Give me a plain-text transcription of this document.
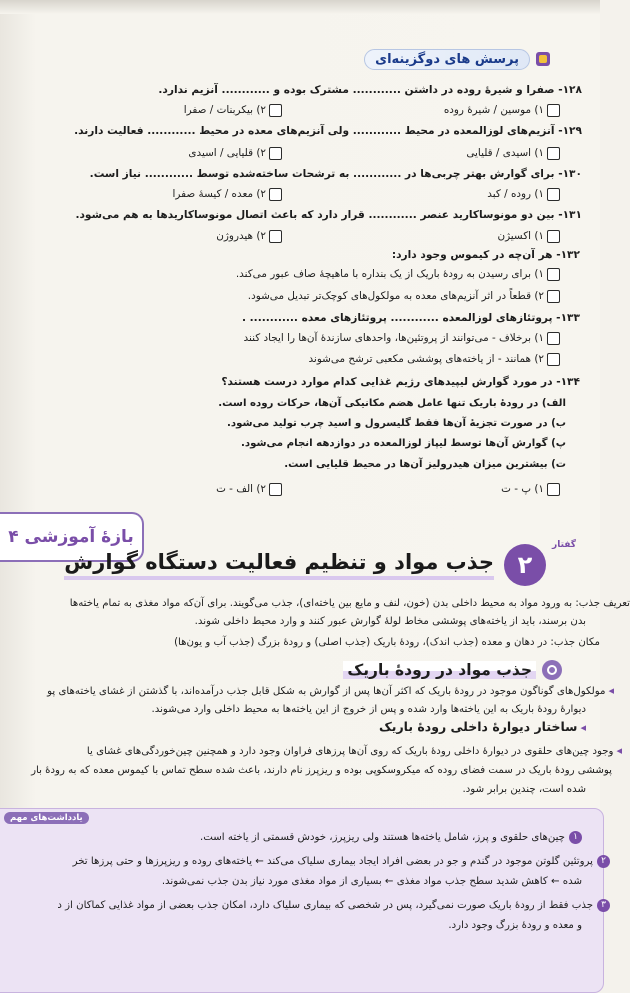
پرسش های دوگزینه‌ای
۱۲۸- صفرا و شیرهٔ روده در داشتن ............ مشترک بوده و ............ آنزیم ندارد.
۱) موسین / شیرهٔ روده
۲) بیکربنات / صفرا
۱۲۹- آنزیم‌های لوزالمعده در محیط ............ ولی آنزیم‌های معده در محیط ............ فعالیت دارند.
۱) اسیدی / قلیایی
۲) قلیایی / اسیدی
۱۳۰- برای گوارش بهتر چربی‌ها در ............ به ترشحات ساخته‌شده توسط ............ نیاز است.
۱) روده / کبد
۲) معده / کیسهٔ صفرا
۱۳۱- بین دو مونوساکارید عنصر ............ قرار دارد که باعث اتصال مونوساکاریدها به هم می‌شود.
۱) اکسیژن
۲) هیدروژن
۱۳۲- هر آن‌چه در کیموس وجود دارد:
۱) برای رسیدن به رودهٔ باریک از یک بنداره با ماهیچهٔ صاف عبور می‌کند.
۲) قطعاً در اثر آنزیم‌های معده به مولکول‌های کوچک‌تر تبدیل می‌شود.
۱۳۳- پروتئازهای لوزالمعده ............ پروتئازهای معده ............ .
۱) برخلاف - می‌توانند از پروتئین‌ها، واحدهای سازندهٔ آن‌ها را ایجاد کنند
۲) همانند - از یاخته‌های پوششی مکعبی ترشح می‌شوند
۱۳۴- در مورد گوارش لیپیدهای رژیم غذایی کدام موارد درست هستند؟
الف) در رودهٔ باریک تنها عامل هضم مکانیکی آن‌ها، حرکات روده است.
ب) در صورت تجزیهٔ آن‌ها فقط گلیسرول و اسید چرب تولید می‌شود.
پ) گوارش آن‌ها توسط لیپاز لوزالمعده در دوازدهه انجام می‌شود.
ت) بیشترین میزان هیدرولیز آن‌ها در محیط قلیایی است.
۱) پ - ت
۲) الف - ت
بازهٔ آموزشی ۴	گفتار
۲
جذب مواد و تنظیم فعالیت دستگاه گوارش
تعریف جذب: به ورود مواد به محیط داخلی بدن (خون، لنف و مایع بین یاخته‌ای)، جذب می‌گویند. برای آن‌که مواد مغذی به تمام یاخته‌ها
بدن برسند، باید از یاخته‌های پوششی مخاط لولهٔ گوارش عبور کنند و وارد محیط داخلی شوند.
مکان جذب: در دهان و معده (جذب اندک)، رودهٔ باریک (جذب اصلی) و رودهٔ بزرگ (جذب آب و یون‌ها)
جذب مواد در رودهٔ باریک
◂مولکول‌های گوناگون موجود در رودهٔ باریک که اکثر آن‌ها پس از گوارش به شکل قابل جذب درآمده‌اند، با گذشتن از غشای یاخته‌های پو
دیوارهٔ رودهٔ باریک به این یاخته‌ها وارد شده و پس از خروج از این یاخته‌ها به محیط داخلی وارد می‌شوند.
◂ساختار دیوارهٔ داخلی رودهٔ باریک
◂وجود چین‌های حلقوی در دیوارهٔ داخلی رودهٔ باریک که روی آن‌ها پرزهای فراوان وجود دارد و همچنین چین‌خوردگی‌های غشای یا
پوششی رودهٔ باریک در سمت فضای روده که میکروسکوپی بوده و ریزپرز نام دارند، باعث شده سطح تماس با کیموس معده که به رودهٔ بار
شده است، چندین برابر شود.
یادداشت‌های مهم
۱چین‌های حلقوی و پرز، شامل یاخته‌ها هستند ولی ریزپرز، خودش قسمتی از یاخته است.
۲پروتئین گلوتن موجود در گندم و جو در بعضی افراد ایجاد بیماری سلیاک می‌کند ← یاخته‌های روده و ریزپرزها و حتی پرزها تخر
شده ← کاهش شدید سطح جذب مواد مغذی ← بسیاری از مواد مغذی مورد نیاز بدن جذب نمی‌شوند.
۳جذب فقط از رودهٔ باریک صورت نمی‌گیرد، پس در شخصی که بیماری سلیاک دارد، امکان جذب بعضی از مواد غذایی کماکان از د
و معده و رودهٔ بزرگ وجود دارد.
